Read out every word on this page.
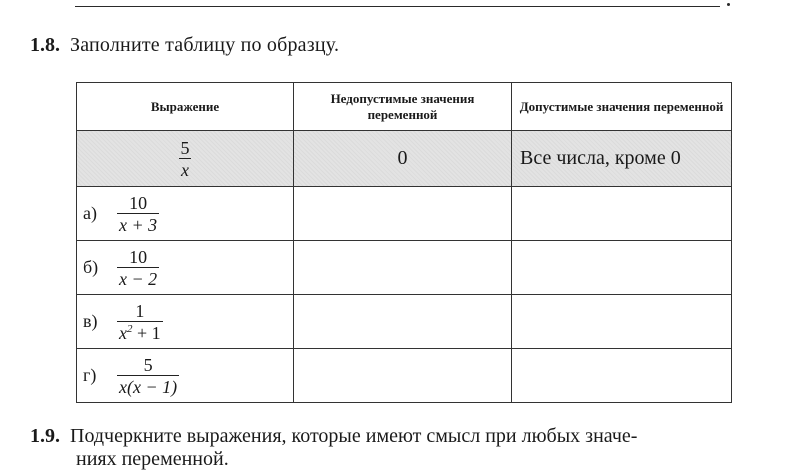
1.8. Заполните таблицу по образцу.
Выражение	Недопустимые значения переменной	Допустимые значения переменной

$\frac{5}{x}$	0	Все числа, кроме 0
$а) \frac{10}{x + 3}$

$б) \frac{10}{x - 2}$

$в) \frac{1}{x^2 + 1}$

$г) \frac{5}{x(x - 1)}$

1.9. Подчеркните выражения, которые имеют смысл при любых значе-
ниях переменной.
